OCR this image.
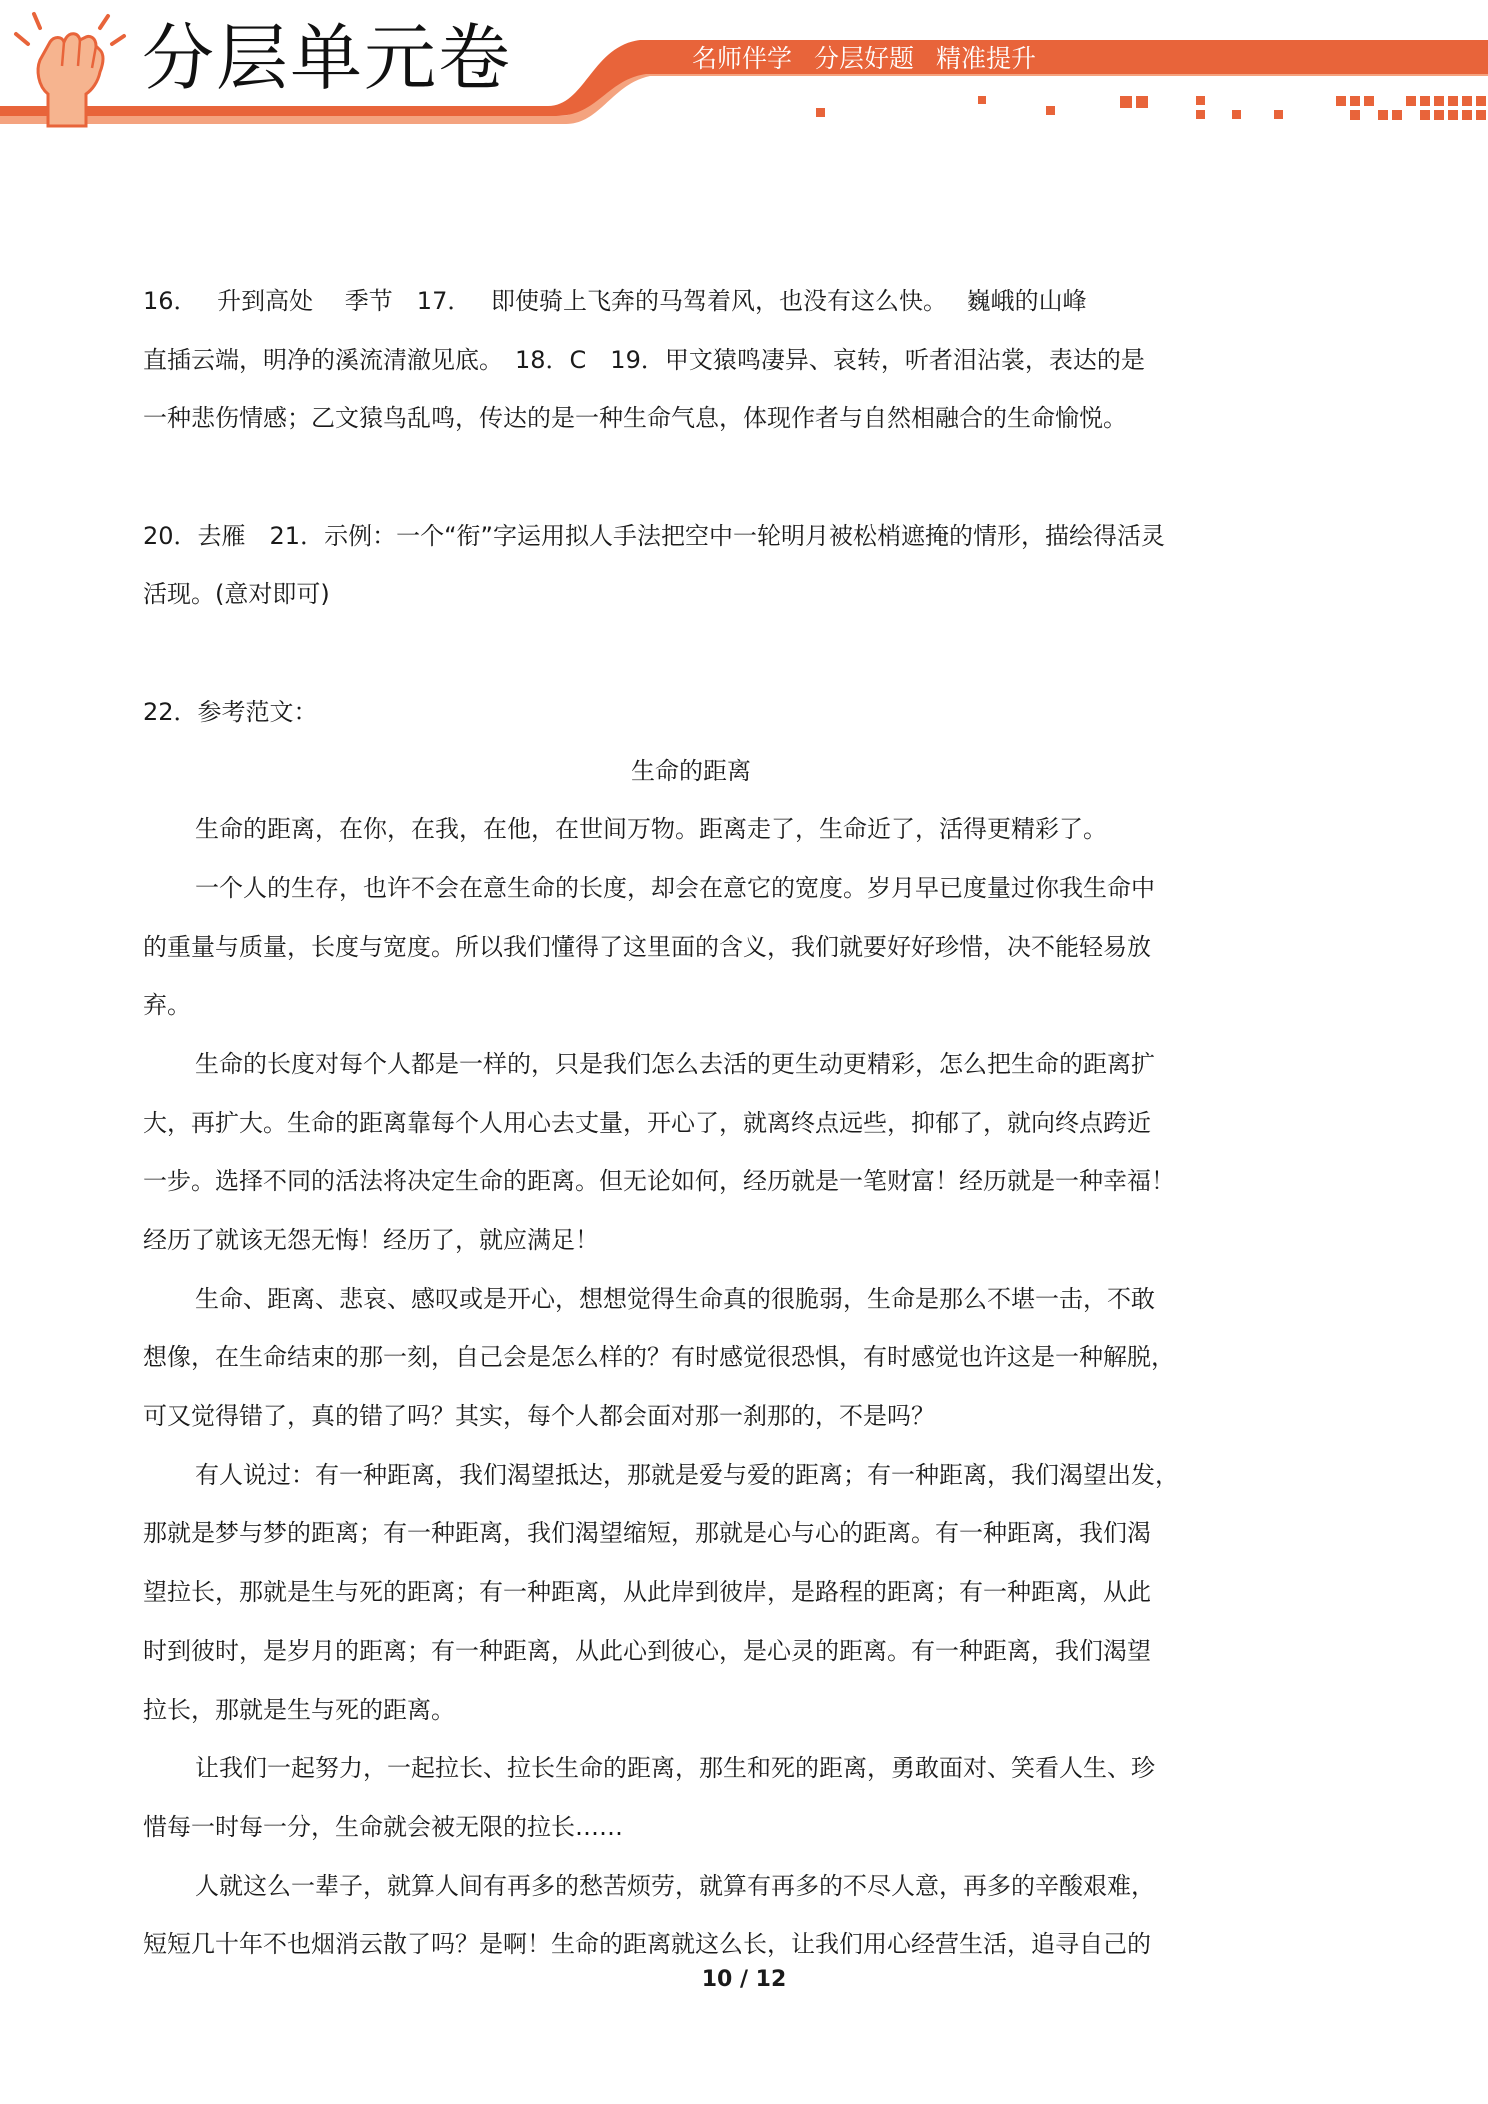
分层单元卷	名师伴学 分层好题 精准提升
16．　 升到高处　 季节　17．　 即使骑上飞奔的马驾着风，也没有这么快。　 巍峨的山峰
直插云端，明净的溪流清澈见底。　18．C　19．甲文猿鸣凄异、哀转，听者泪沾裳，表达的是
一种悲伤情感；乙文猿鸟乱鸣，传达的是一种生命气息，体现作者与自然相融合的生命愉悦。
20．去雁　21．示例：一个“衔”字运用拟人手法把空中一轮明月被松梢遮掩的情形，描绘得活灵
活现。(意对即可)
22．参考范文：
生命的距离
生命的距离，在你，在我，在他，在世间万物。距离走了，生命近了，活得更精彩了。
一个人的生存，也许不会在意生命的长度，却会在意它的宽度。岁月早已度量过你我生命中
的重量与质量，长度与宽度。所以我们懂得了这里面的含义，我们就要好好珍惜，决不能轻易放
弃。
生命的长度对每个人都是一样的，只是我们怎么去活的更生动更精彩，怎么把生命的距离扩
大，再扩大。生命的距离靠每个人用心去丈量，开心了，就离终点远些，抑郁了，就向终点跨近
一步。选择不同的活法将决定生命的距离。但无论如何，经历就是一笔财富！经历就是一种幸福！
经历了就该无怨无悔！经历了，就应满足！
生命、距离、悲哀、感叹或是开心，想想觉得生命真的很脆弱，生命是那么不堪一击，不敢
想像，在生命结束的那一刻，自己会是怎么样的？有时感觉很恐惧，有时感觉也许这是一种解脱，
可又觉得错了，真的错了吗？其实，每个人都会面对那一刹那的，不是吗？
有人说过：有一种距离，我们渴望抵达，那就是爱与爱的距离；有一种距离，我们渴望出发，
那就是梦与梦的距离；有一种距离，我们渴望缩短，那就是心与心的距离。有一种距离，我们渴
望拉长，那就是生与死的距离；有一种距离，从此岸到彼岸，是路程的距离；有一种距离，从此
时到彼时，是岁月的距离；有一种距离，从此心到彼心，是心灵的距离。有一种距离，我们渴望
拉长，那就是生与死的距离。
让我们一起努力，一起拉长、拉长生命的距离，那生和死的距离，勇敢面对、笑看人生、珍
惜每一时每一分，生命就会被无限的拉长……
人就这么一辈子，就算人间有再多的愁苦烦劳，就算有再多的不尽人意，再多的辛酸艰难，
短短几十年不也烟消云散了吗？是啊！生命的距离就这么长，让我们用心经营生活，追寻自己的
10 / 12
